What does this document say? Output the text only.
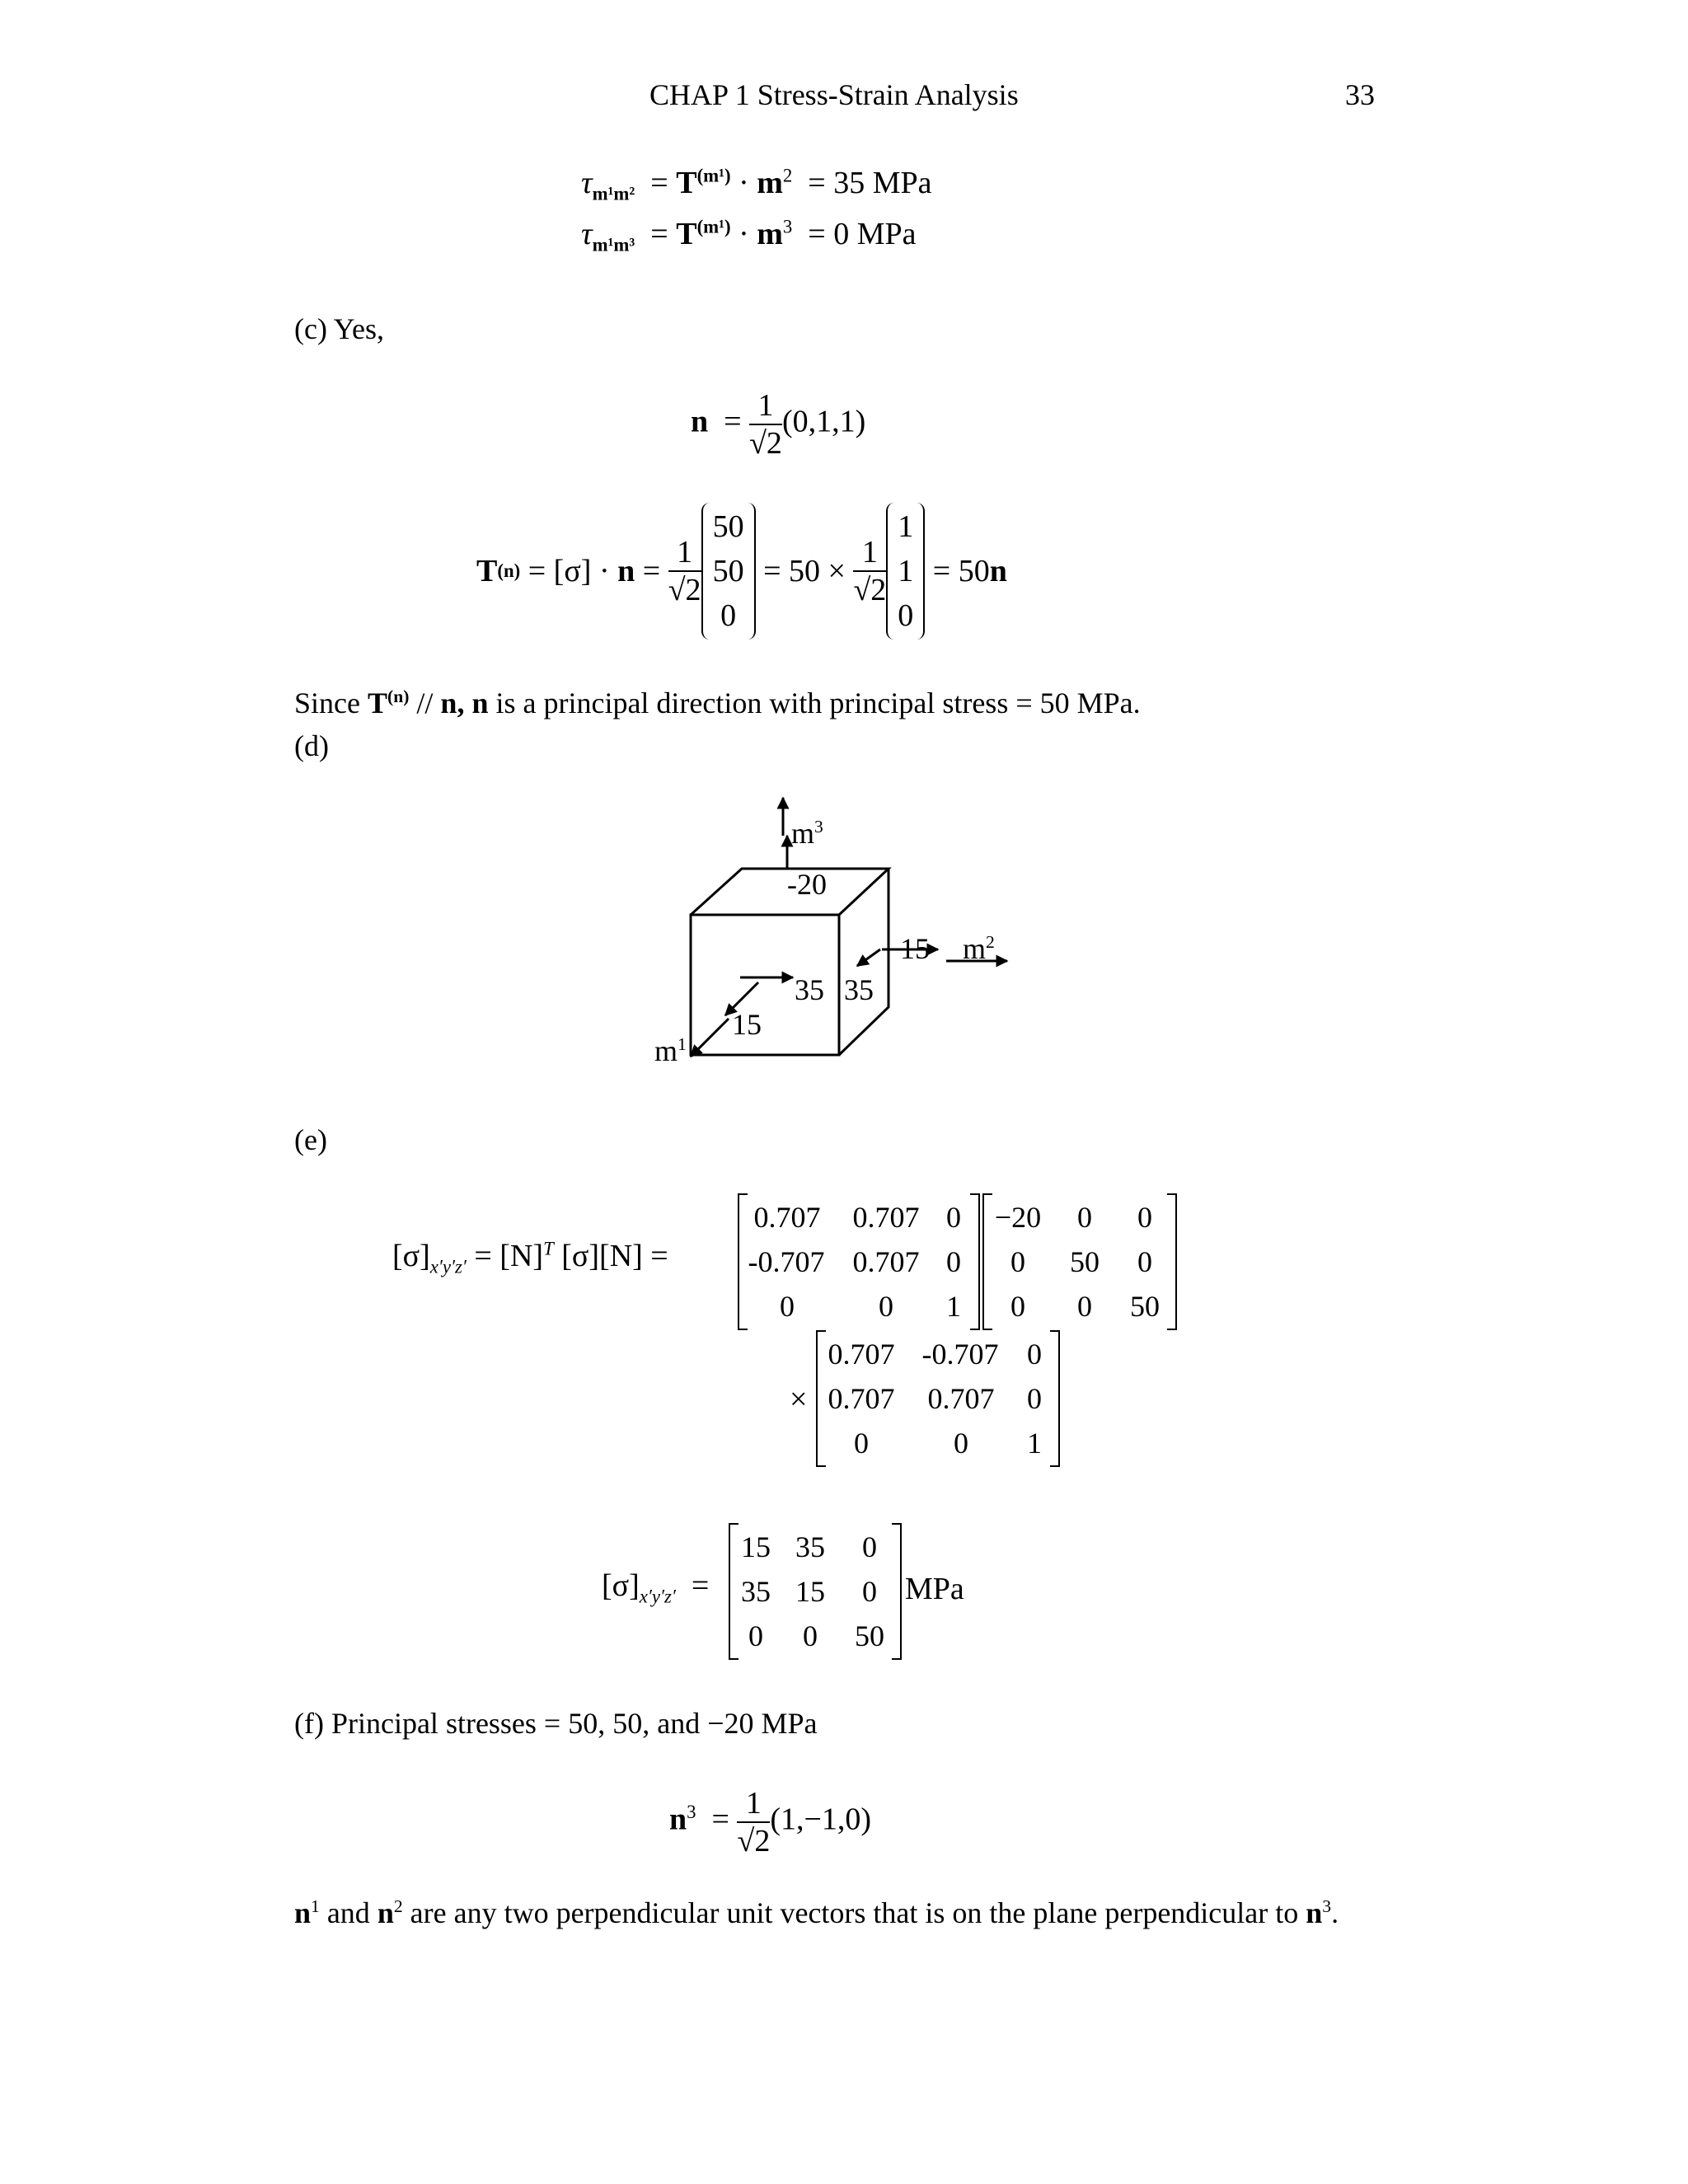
CHAP 1 Stress-Strain Analysis	33
$\tau_{m^1m^2} = T^{(m^1)} \cdot m^2 = 35$ MPa
$\tau_{m^1m^3} = T^{(m^1)} \cdot m^3 = 0$ MPa
(c) Yes,
$n = \frac{1}{√2} (0,1,1)$
T (n)
=
[σ]
·
n
=
$\frac{1}{√2}$
50
50
0

=
50 ×
$\frac{1}{√2}$
1
1
0

=
50 n
Since $T^{(n)}$ // n, n is a principal direction with principal stress = 50 MPa.
(d)
$m^3$
-20
15 $m^2$
35 35
15
$m^1$
(e)
$[\sigma]_{x'y'z'} = [N]^T$ [σ][N] =
0.707 0.707 0
-0.707 0.707 0
0	0	1
−20	0	0
0	50	0
0	0	50
×
0.707 -0.707 0
0.707 0.707 0
0	0	1
$[\sigma]_{x'y'z'}$ =
15 35	0
35 15	0
0	0	50
MPa
(f) Principal stresses = 50, 50, and −20 MPa
$n^3 = \frac{1}{√2} (1,-1,0)$
$n^1$ and $n^2$ are any two perpendicular unit vectors that is on the plane perpendicular to $n^3$.
